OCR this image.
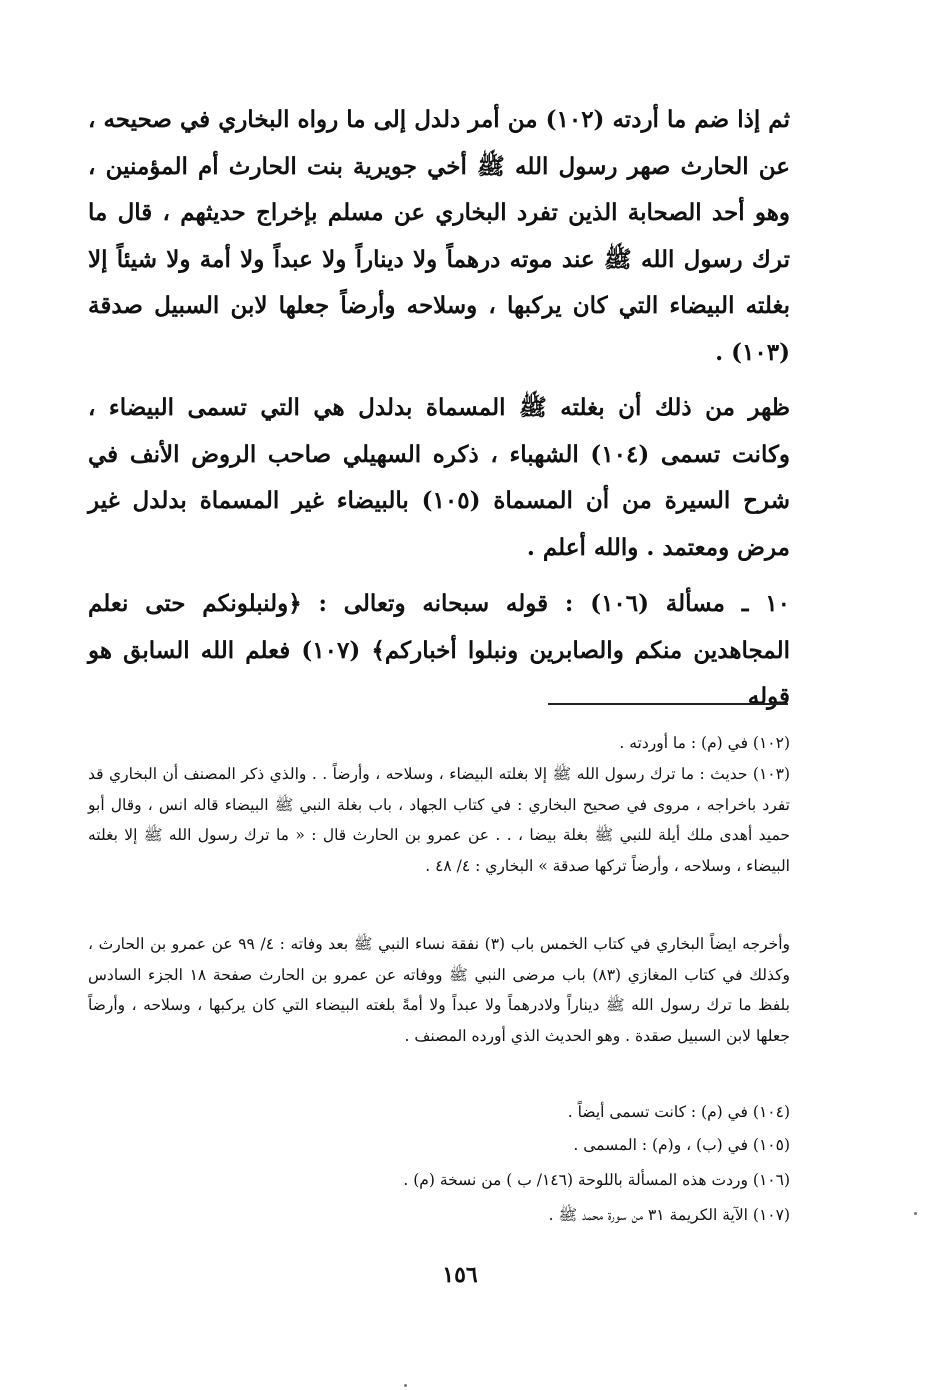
ثم إذا ضم ما أردته (١٠٢) من أمر دلدل إلى ما رواه البخاري في صحيحه ، عن الحارث صهر رسول الله ﷺ أخي جويرية بنت الحارث أم المؤمنين ، وهو أحد الصحابة الذين تفرد البخاري عن مسلم بإخراج حديثهم ، قال ما ترك رسول الله ﷺ عند موته درهماً ولا ديناراً ولا عبداً ولا أمة ولا شيئاً إلا بغلته البيضاء التي كان يركبها ، وسلاحه وأرضاً جعلها لابن السبيل صدقة (١٠٣) .
ظهر من ذلك أن بغلته ﷺ المسماة بدلدل هي التي تسمى البيضاء ، وكانت تسمى (١٠٤) الشهباء ، ذكره السهيلي صاحب الروض الأنف في شرح السيرة من أن المسماة (١٠٥) بالبيضاء غير المسماة بدلدل غير مرض ومعتمد . والله أعلم .
١٠ ـ مسألة (١٠٦) : قوله سبحانه وتعالى : ﴿ولنبلونكم حتى نعلم المجاهدين منكم والصابرين ونبلوا أخباركم﴾ (١٠٧) فعلم الله السابق هو قوله
(١٠٢) في (م) : ما أوردته .
(١٠٣) حديث : ما ترك رسول الله ﷺ إلا بغلته البيضاء ، وسلاحه ، وأرضاً . . والذي ذكر المصنف أن البخاري قد تفرد باخراجه ، مروى في صحيح البخاري : في كتاب الجهاد ، باب بغلة النبي ﷺ البيضاء قاله انس ، وقال أبو حميد أهدى ملك أيلة للنبي ﷺ بغلة بيضا ، . . عن عمرو بن الحارث قال : « ما ترك رسول الله ﷺ إلا بغلته البيضاء ، وسلاحه ، وأرضاً تركها صدقة » البخاري : ٤/ ٤٨ .
وأخرجه ايضاً البخاري في كتاب الخمس باب (٣) نفقة نساء النبي ﷺ بعد وفاته : ٤/ ٩٩ عن عمرو بن الحارث ، وكذلك في كتاب المغازي (٨٣) باب مرضى النبي ﷺ ووفاته عن عمرو بن الحارث صفحة ١٨ الجزء السادس بلفظ ما ترك رسول الله ﷺ ديناراً ولادرهماً ولا عبداً ولا أمةً بلغته البيضاء التي كان يركبها ، وسلاحه ، وأرضاً جعلها لابن السبيل صقدة . وهو الحديث الذي أورده المصنف .
(١٠٤) في (م) : كانت تسمى أيضاً .
(١٠٥) في (ب) ، و(م) : المسمى .
(١٠٦) وردت هذه المسألة باللوحة (١٤٦/ ب ) من نسخة (م) .
(١٠٧) الآية الكريمة ٣١ من سورة محمد ﷺ .
١٥٦
